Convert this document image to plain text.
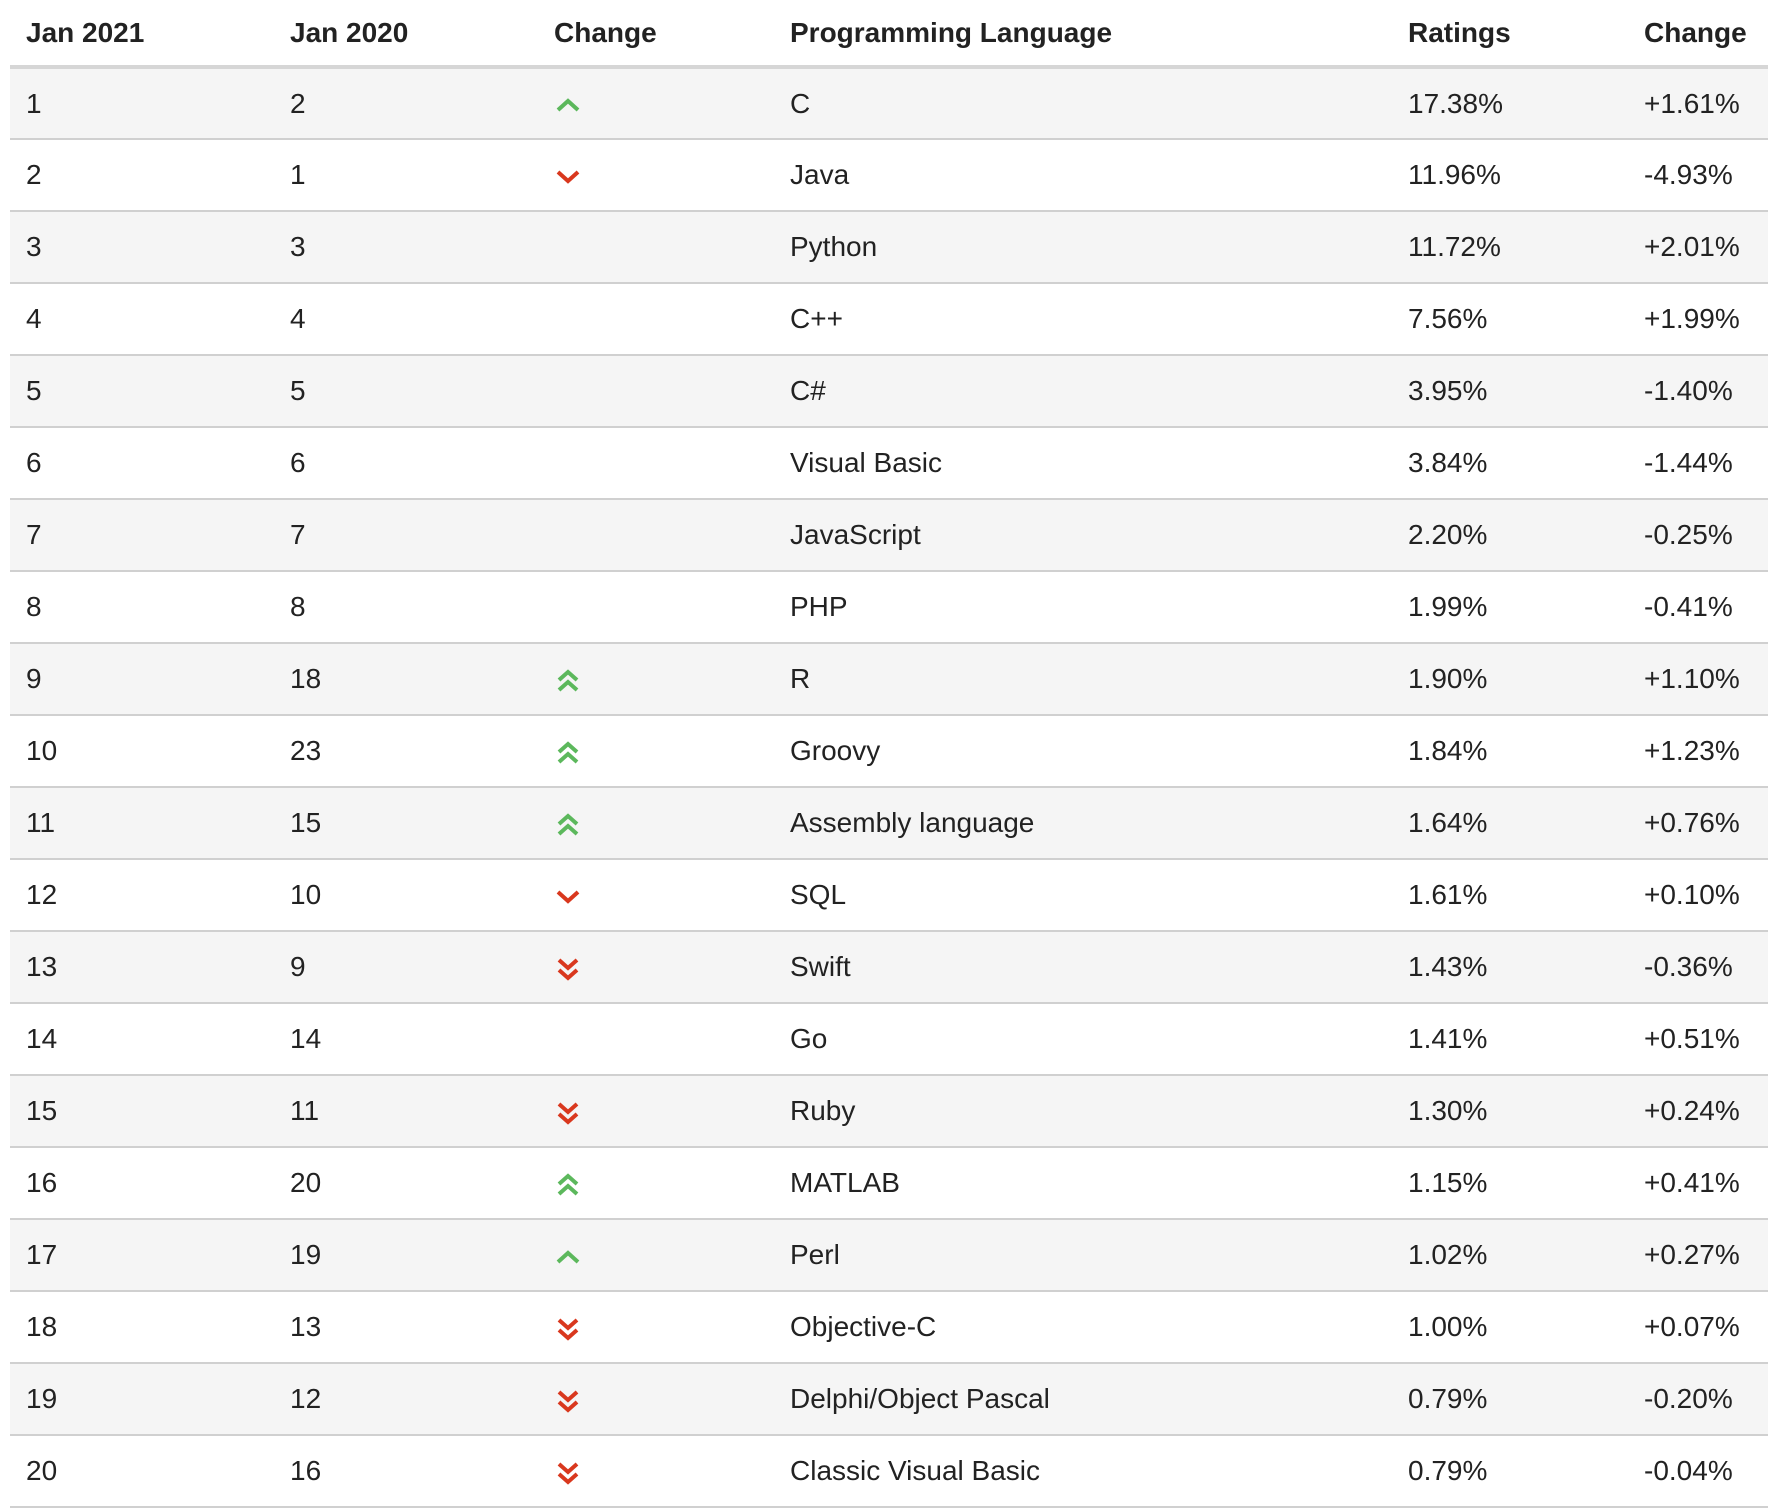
Jan 2021	Jan 2020	Change	Programming Language	Ratings	Change
1	2		C	17.38%	+1.61%
2	1		Java	11.96%	-4.93%
3	3		Python	11.72%	+2.01%
4	4		C++	7.56%	+1.99%
5	5		C#	3.95%	-1.40%
6	6		Visual Basic	3.84%	-1.44%
7	7		JavaScript	2.20%	-0.25%
8	8		PHP	1.99%	-0.41%
9	18		R	1.90%	+1.10%
10	23		Groovy	1.84%	+1.23%
11	15		Assembly language	1.64%	+0.76%
12	10		SQL	1.61%	+0.10%
13	9		Swift	1.43%	-0.36%
14	14		Go	1.41%	+0.51%
15	11		Ruby	1.30%	+0.24%
16	20		MATLAB	1.15%	+0.41%
17	19		Perl	1.02%	+0.27%
18	13		Objective-C	1.00%	+0.07%
19	12		Delphi/Object Pascal	0.79%	-0.20%
20	16		Classic Visual Basic	0.79%	-0.04%
